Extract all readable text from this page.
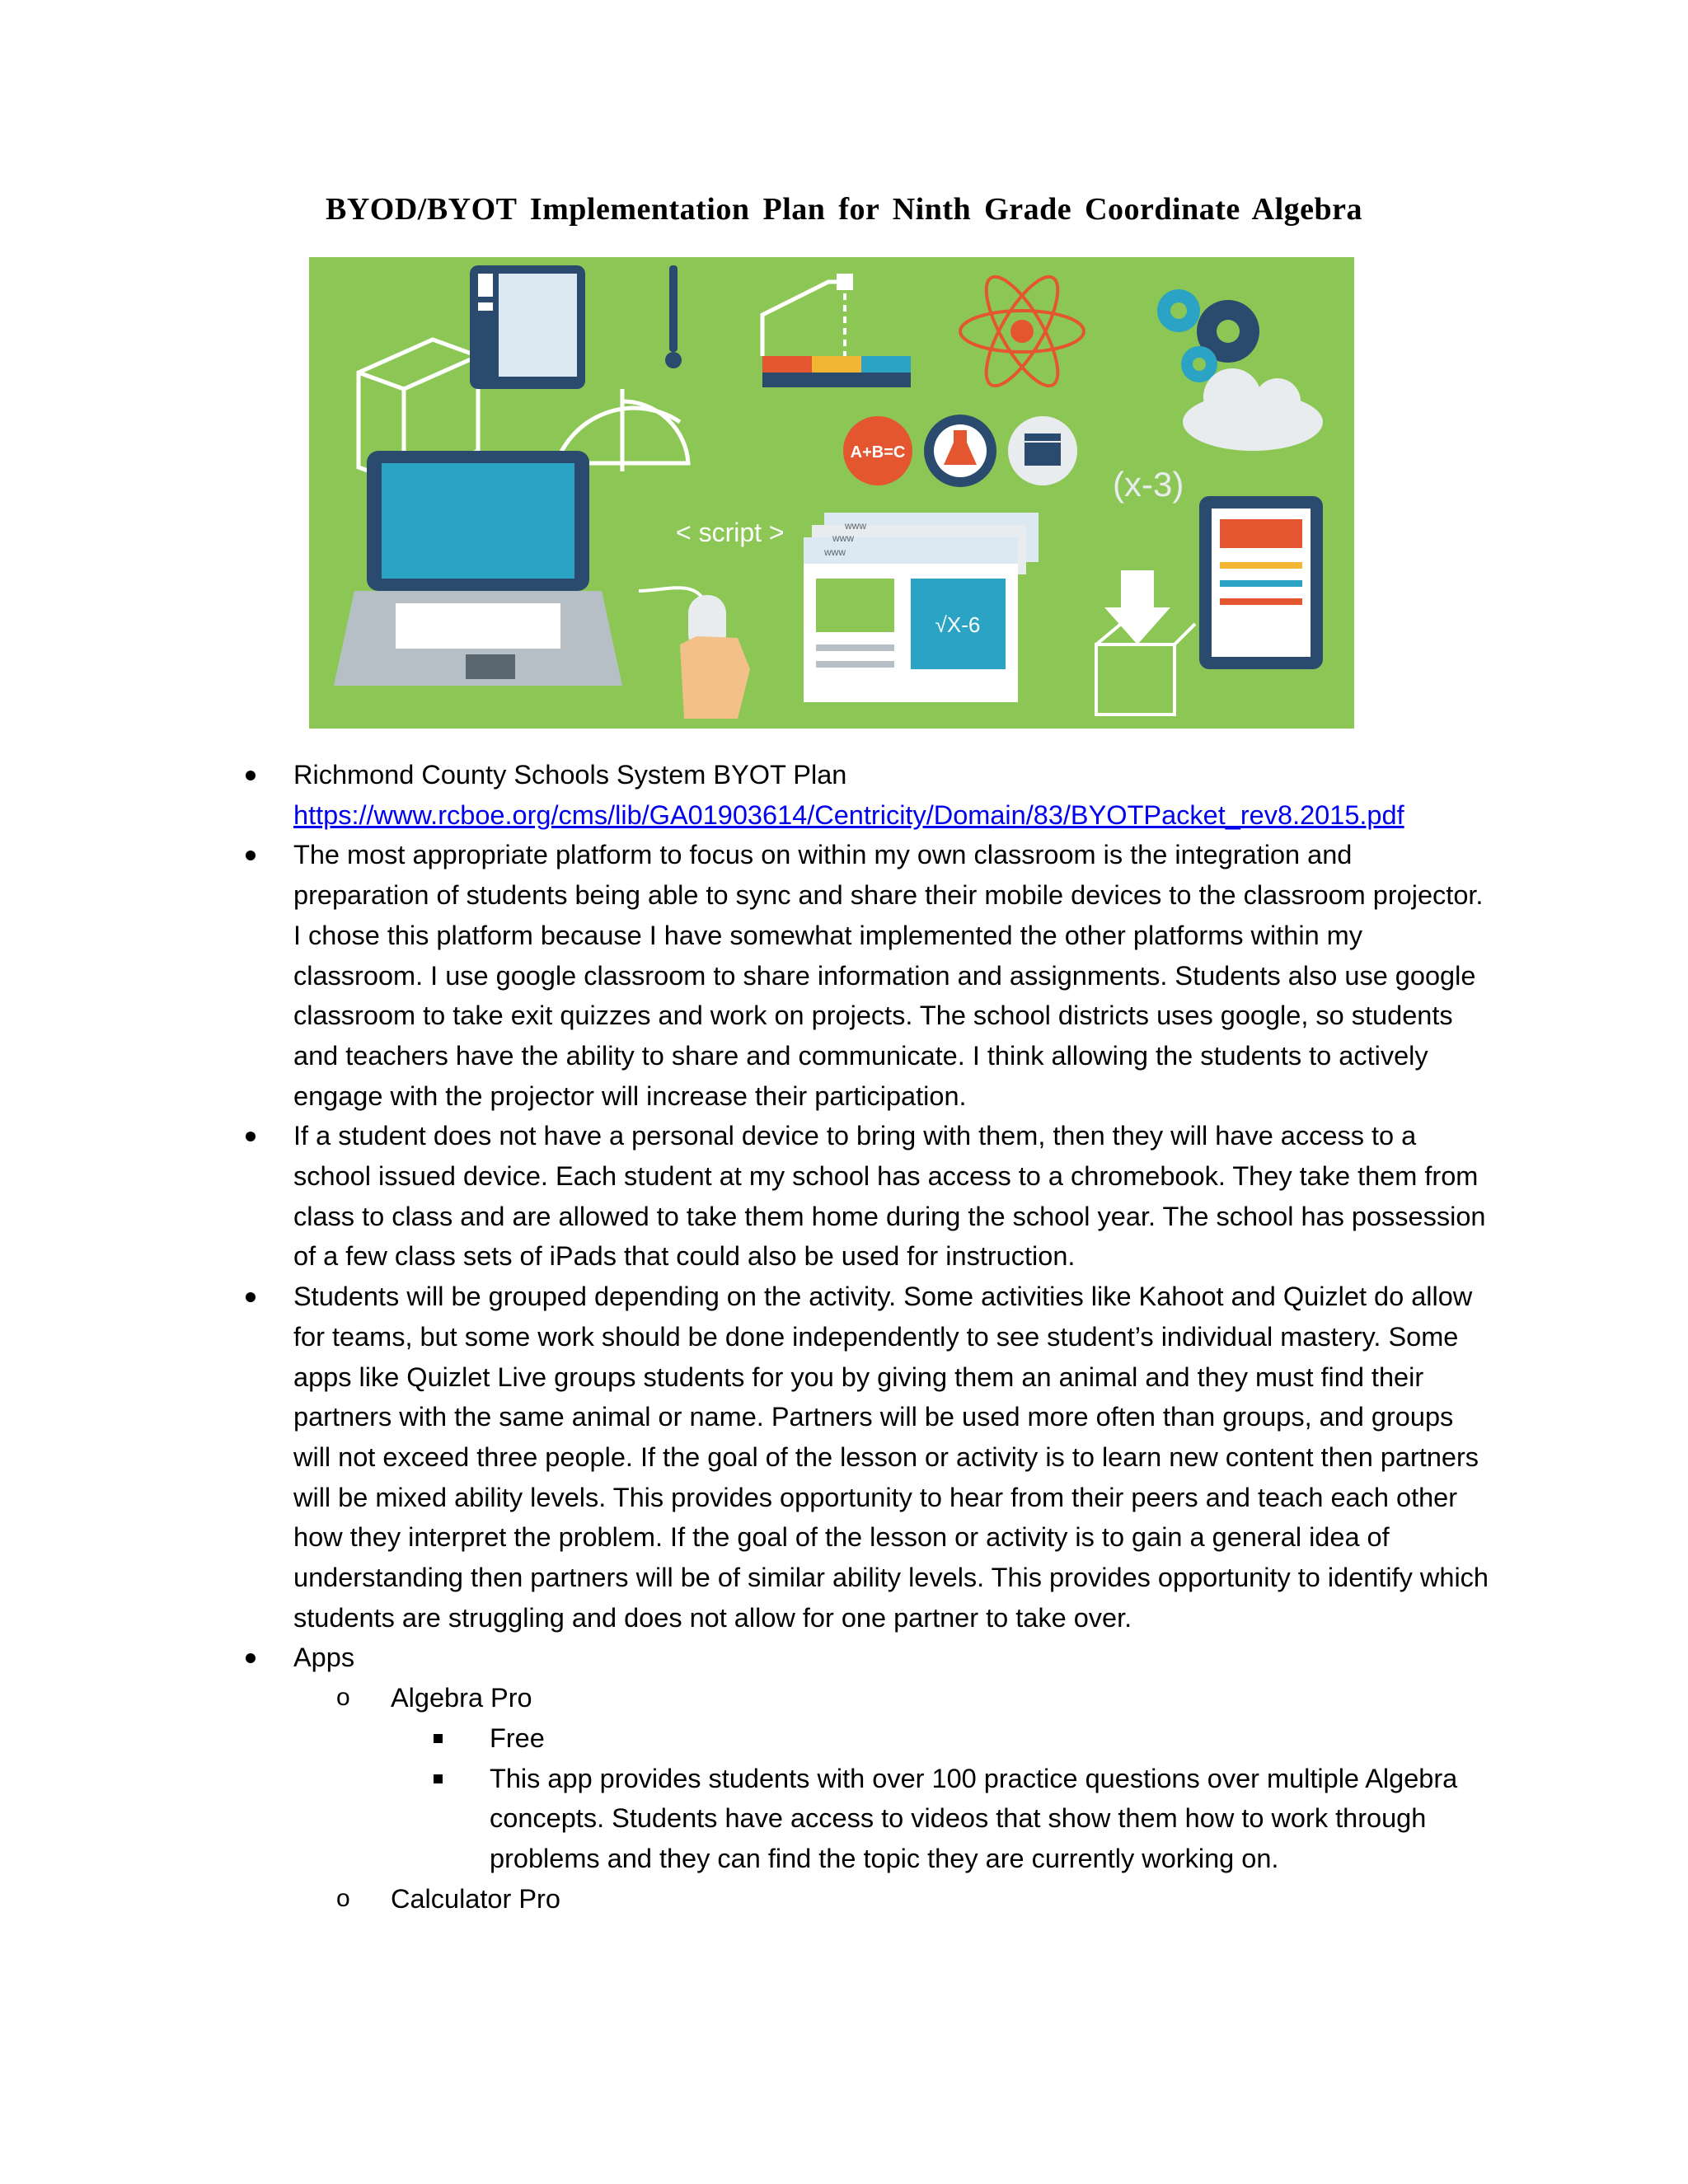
BYOD/BYOT Implementation Plan for Ninth Grade Coordinate Algebra
A+B=C
(x-3)
< script >	www
www
www
√X-6
Richmond County Schools System BYOT Plan
https://www.rcboe.org/cms/lib/GA01903614/Centricity/Domain/83/BYOTPacket_rev8.2015.pdf
The most appropriate platform to focus on within my own classroom is the integration and preparation of students being able to sync and share their mobile devices to the classroom projector. I chose this platform because I have somewhat implemented the other platforms within my classroom. I use google classroom to share information and assignments. Students also use google classroom to take exit quizzes and work on projects. The school districts uses google, so students and teachers have the ability to share and communicate. I think allowing the students to actively engage with the projector will increase their participation.
If a student does not have a personal device to bring with them, then they will have access to a school issued device. Each student at my school has access to a chromebook. They take them from class to class and are allowed to take them home during the school year. The school has possession of a few class sets of iPads that could also be used for instruction.
Students will be grouped depending on the activity. Some activities like Kahoot and Quizlet do allow for teams, but some work should be done independently to see student’s individual mastery. Some apps like Quizlet Live groups students for you by giving them an animal and they must find their partners with the same animal or name. Partners will be used more often than groups, and groups will not exceed three people. If the goal of the lesson or activity is to learn new content then partners will be mixed ability levels. This provides opportunity to hear from their peers and teach each other how they interpret the problem. If the goal of the lesson or activity is to gain a general idea of understanding then partners will be of similar ability levels. This provides opportunity to identify which students are struggling and does not allow for one partner to take over.
Apps
o Algebra Pro
Free
This app provides students with over 100 practice questions over multiple Algebra concepts. Students have access to videos that show them how to work through problems and they can find the topic they are currently working on.
o Calculator Pro
